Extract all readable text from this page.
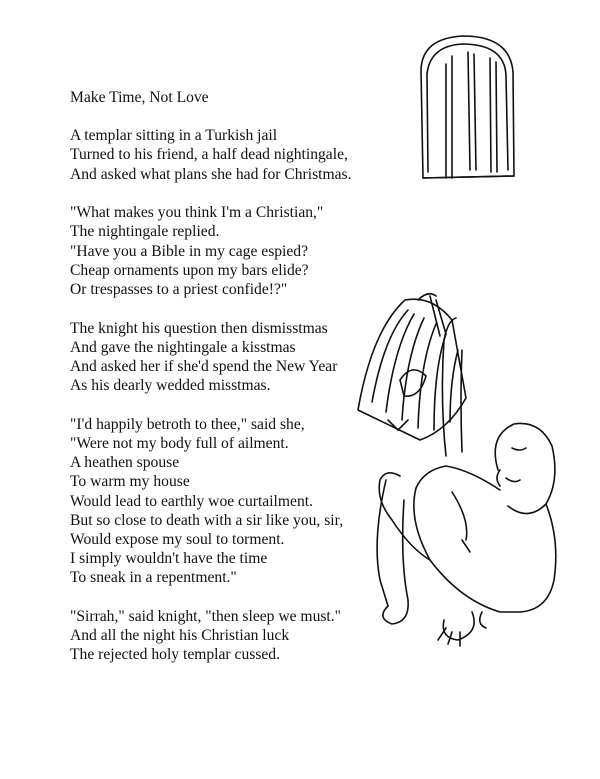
Make Time, Not Love
A templar sitting in a Turkish jail
Turned to his friend, a half dead nightingale,
And asked what plans she had for Christmas.
"What makes you think I'm a Christian,"
The nightingale replied.
"Have you a Bible in my cage espied?
Cheap ornaments upon my bars elide?
Or trespasses to a priest confide!?"
The knight his question then dismisstmas
And gave the nightingale a kisstmas
And asked her if she'd spend the New Year
As his dearly wedded misstmas.
"I'd happily betroth to thee," said she,
"Were not my body full of ailment.
A heathen spouse
To warm my house
Would lead to earthly woe curtailment.
But so close to death with a sir like you, sir,
Would expose my soul to torment.
I simply wouldn't have the time
To sneak in a repentment."
"Sirrah," said knight, "then sleep we must."
And all the night his Christian luck
The rejected holy templar cussed.
